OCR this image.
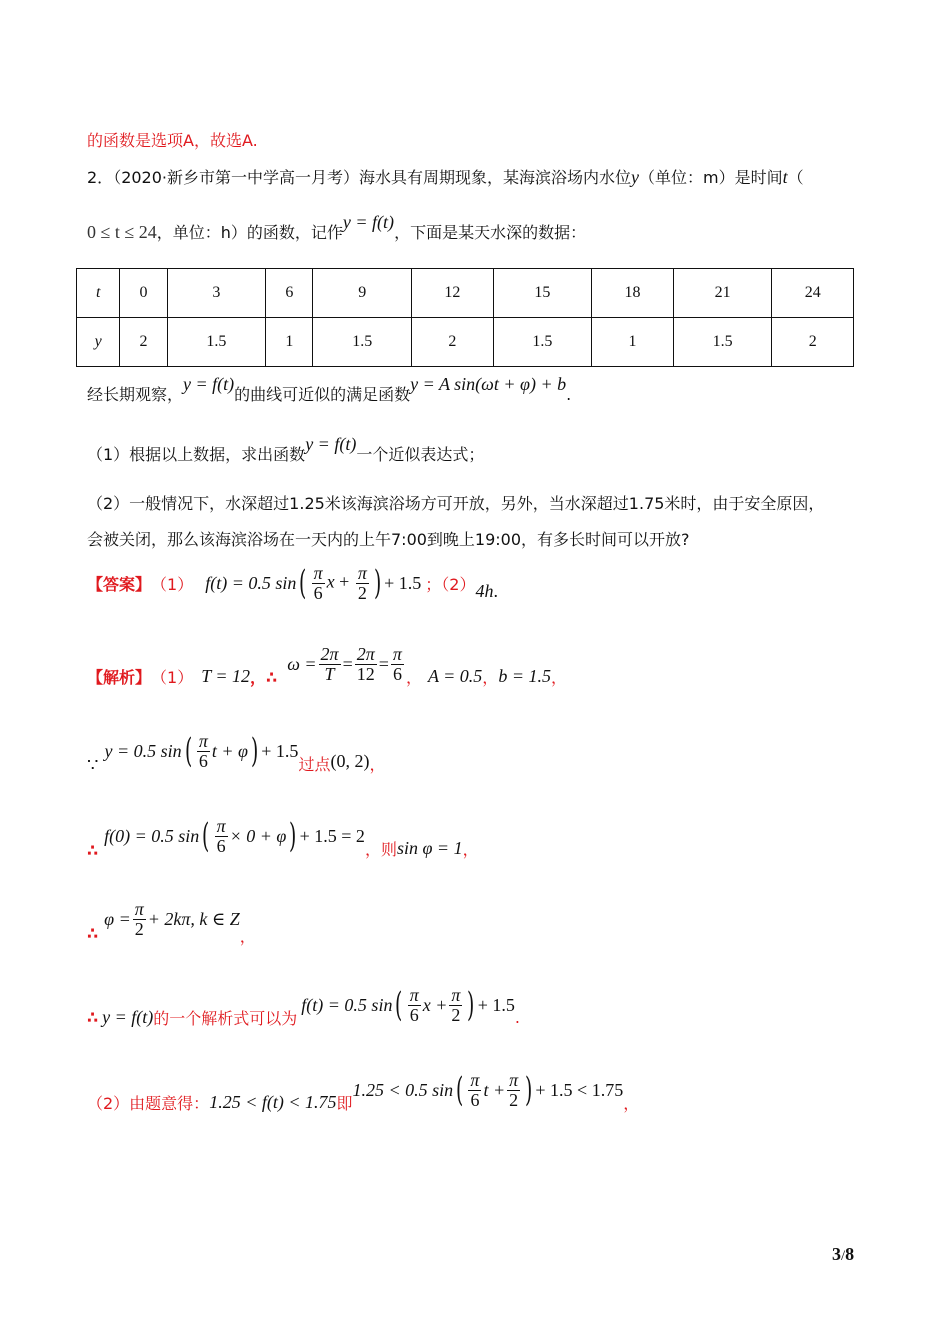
的函数是选项A，故选A.
2．（2020·新乡市第一中学高一月考）海水具有周期现象，某海滨浴场内水位y（单位：m）是时间t（
0 ≤ t ≤ 24，单位：h）的函数，记作y = f(t)，下面是某天水深的数据：
t	0	3	6	9	12	15	18	21	24
y	2	1.5	1	1.5	2	1.5	1	1.5	2
经长期观察，y = f(t)的曲线可近似的满足函数y = A sin(ωt + φ) + b.
（1）根据以上数据，求出函数y = f(t)一个近似表达式；
（2）一般情况下，水深超过1.25米该海滨浴场方可开放，另外，当水深超过1.75米时，由于安全原因，
会被关闭，那么该海滨浴场在一天内的上午7:00到晚上19:00，有多长时间可以开放?
【答案】 （1） f(t) = 0.5 sin ( $\frac{\pi}{6}$ $x + \frac{\pi}{2}$ ) + 1.5 ；（2） 4h .
【解析】 （1） T = 12 ，∴
$\omega = \frac{2\pi}{T} = \frac{2\pi}{12} = \frac{\pi}{6}$ ， A = 0.5 ， b = 1.5 ，
∵
y = 0.5 sin ( $\frac{\pi}{6}$ t + φ ) + 1.5
过点 (0, 2) ，
∴
f(0) = 0.5 sin ( $\frac{\pi}{6} \times 0 + \varphi$ ) + 1.5 = 2
，则 sin φ = 1 ，
∴
$\varphi = \frac{\pi}{2} + 2k\pi$, k ∈ Z
，
∴ y = f(t) 的一个解析式可以为
f(t) = 0.5 sin ( $\frac{\pi}{6}$ $x + \frac{\pi}{2}$ ) + 1.5
.
（2）由题意得： 1.25 < f(t) < 1.75 即
1.25 < 0.5 sin ( $\frac{\pi}{6}$ $t + \frac{\pi}{2}$ ) + 1.5 < 1.75
，
3/8
